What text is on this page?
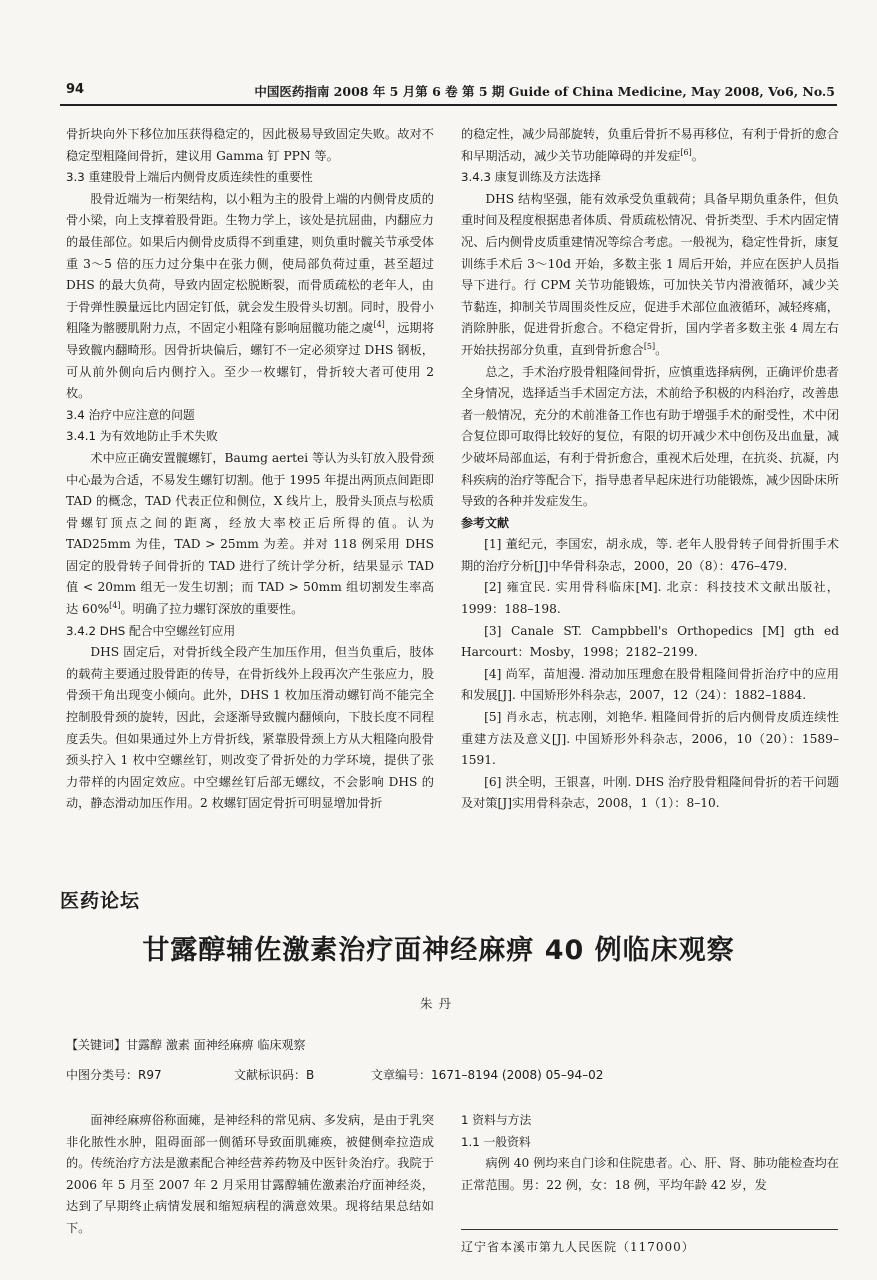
94	中国医药指南 2008 年 5 月第 6 卷 第 5 期 Guide of China Medicine, May 2008, Vo6, No.5

骨折块向外下移位加压获得稳定的，因此极易导致固定失败。故对不稳定型粗隆间骨折，建议用 Gamma 钉 PPN 等。

3.3 重建股骨上端后内侧骨皮质连续性的重要性

股骨近端为一桁架结构，以小粗为主的股骨上端的内侧骨皮质的骨小梁，向上支撑着股骨距。生物力学上，该处是抗屈曲，内翻应力的最佳部位。如果后内侧骨皮质得不到重建，则负重时髋关节承受体重 3～5 倍的压力过分集中在张力侧，使局部负荷过重，甚至超过 DHS 的最大负荷，导致内固定松脱断裂，而骨质疏松的老年人，由于骨弹性膜量远比内固定钉低，就会发生股骨头切割。同时，股骨小粗隆为髂腰肌附力点，不固定小粗隆有影响屈髋功能之虞[4]，远期将导致髋内翻畸形。因骨折块偏后，螺钉不一定必须穿过 DHS 钢板，可从前外侧向后内侧拧入。至少一枚螺钉，骨折较大者可使用 2 枚。

3.4 治疗中应注意的问题

3.4.1 为有效地防止手术失败

术中应正确安置髋螺钉，Baumg aertei 等认为头钉放入股骨颈中心最为合适，不易发生螺钉切割。他于 1995 年提出两顶点间距即 TAD 的概念，TAD 代表正位和侧位，X 线片上，股骨头顶点与松质骨螺钉顶点之间的距离，经放大率校正后所得的值。认为 TAD25mm 为佳，TAD > 25mm 为差。并对 118 例采用 DHS 固定的股骨转子间骨折的 TAD 进行了统计学分析，结果显示 TAD 值 < 20mm 组无一发生切割；而 TAD > 50mm 组切割发生率高达 60%[4]。明确了拉力螺钉深放的重要性。

3.4.2 DHS 配合中空螺丝钉应用

DHS 固定后，对骨折线全段产生加压作用，但当负重后，肢体的载荷主要通过股骨距的传导，在骨折线外上段再次产生张应力，股骨颈干角出现变小倾向。此外，DHS 1 枚加压滑动螺钉尚不能完全控制股骨颈的旋转，因此，会逐渐导致髋内翻倾向，下肢长度不同程度丢失。但如果通过外上方骨折线，紧靠股骨颈上方从大粗隆向股骨颈头拧入 1 枚中空螺丝钉，则改变了骨折处的力学环境，提供了张力带样的内固定效应。中空螺丝钉后部无螺纹，不会影响 DHS 的动，静态滑动加压作用。2 枚螺钉固定骨折可明显增加骨折

的稳定性，减少局部旋转，负重后骨折不易再移位，有利于骨折的愈合和早期活动，减少关节功能障碍的并发症[6]。

3.4.3 康复训练及方法选择

DHS 结构坚强，能有效承受负重载荷；具备早期负重条件，但负重时间及程度根据患者体质、骨质疏松情况、骨折类型、手术内固定情况、后内侧骨皮质重建情况等综合考虑。一般视为，稳定性骨折，康复训练手术后 3～10d 开始，多数主张 1 周后开始，并应在医护人员指导下进行。行 CPM 关节功能锻炼，可加快关节内滑液循环，减少关节黏连，抑制关节周围炎性反应，促进手术部位血液循环，减轻疼痛，消除肿胀，促进骨折愈合。不稳定骨折，国内学者多数主张 4 周左右开始扶拐部分负重，直到骨折愈合[5]。

总之，手术治疗股骨粗隆间骨折，应慎重选择病例，正确评价患者全身情况，选择适当手术固定方法，术前给予积极的内科治疗，改善患者一般情况，充分的术前准备工作也有助于增强手术的耐受性，术中闭合复位即可取得比较好的复位，有限的切开减少术中创伤及出血量，减少破坏局部血运，有利于骨折愈合，重视术后处理，在抗炎、抗凝，内科疾病的治疗等配合下，指导患者早起床进行功能锻炼，减少因卧床所导致的各种并发症发生。

参考文献

[1] 董纪元，李国宏，胡永成，等. 老年人股骨转子间骨折围手术期的治疗分析[J]中华骨科杂志，2000，20（8）：476–479.

[2] 雍宜民. 实用骨科临床[M]. 北京：科技技术文献出版社，1999：188–198.

[3] Canale ST. Campbbell's Orthopedics [M] gth ed Harcourt：Mosby，1998；2182–2199.

[4] 尚军，苗旭漫. 滑动加压理愈在股骨粗隆间骨折治疗中的应用和发展[J]. 中国矫形外科杂志，2007，12（24）：1882–1884.

[5] 肖永志，杭志刚，刘艳华. 粗隆间骨折的后内侧骨皮质连续性重建方法及意义[J]. 中国矫形外科杂志，2006，10（20）：1589–1591.

[6] 洪全明，王银喜，叶刚. DHS 治疗股骨粗隆间骨折的若干问题及对策[J]实用骨科杂志，2008，1（1）：8–10.

医药论坛
甘露醇辅佐激素治疗面神经麻痹 40 例临床观察
朱丹
【关键词】甘露醇 激素 面神经麻痹 临床观察
中图分类号：R97	文献标识码：B	文章编号：1671–8194 (2008) 05–94–02

面神经麻痹俗称面瘫，是神经科的常见病、多发病，是由于乳突非化脓性水肿，阻碍面部一侧循环导致面肌瘫痪，被健侧牵拉造成的。传统治疗方法是激素配合神经营养药物及中医针灸治疗。我院于 2006 年 5 月至 2007 年 2 月采用甘露醇辅佐激素治疗面神经炎，达到了早期终止病情发展和缩短病程的满意效果。现将结果总结如下。

1 资料与方法

1.1 一般资料

病例 40 例均来自门诊和住院患者。心、肝、肾、肺功能检查均在正常范围。男：22 例，女：18 例，平均年龄 42 岁，发

辽宁省本溪市第九人民医院（117000）
